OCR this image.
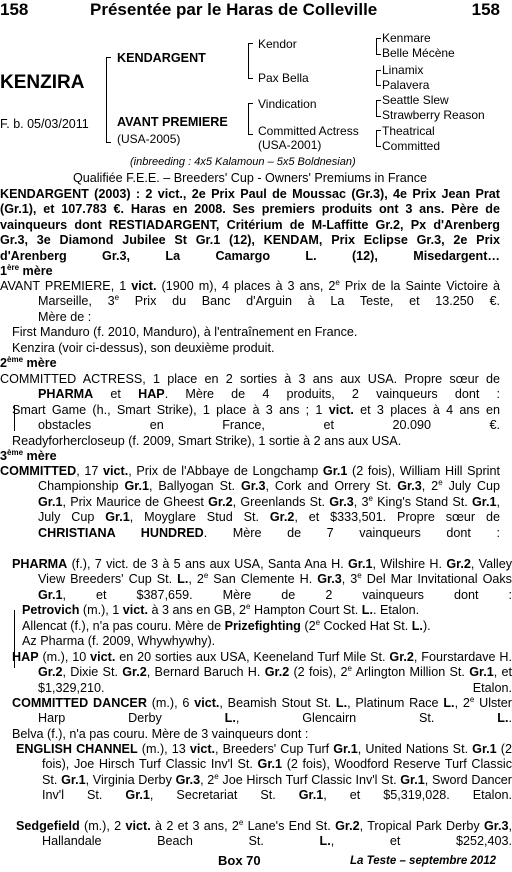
158	Présentée par le Haras de Colleville	158
KENZIRA
F. b. 05/03/2011
KENDARGENT
AVANT PREMIERE
(USA-2005)
Kendor
Pax Bella
Vindication
Committed Actress
(USA-2001)
Kenmare
Belle Mécène
Linamix
Palavera
Seattle Slew
Strawberry Reason
Theatrical
Committed
(inbreeding : 4x5 Kalamoun – 5x5 Boldnesian)
Qualifiée F.E.E. – Breeders' Cup - Owners' Premiums in France
KENDARGENT (2003) : 2 vict., 2e Prix Paul de Moussac (Gr.3), 4e Prix Jean Prat (Gr.1), et 107.783 €. Haras en 2008. Ses premiers produits ont 3 ans. Père de vainqueurs dont RESTIADARGENT, Critérium de M-Laffitte Gr.2, Px d'Arenberg Gr.3, 3e Diamond Jubilee St Gr.1 (12), KENDAM, Prix Eclipse Gr.3, 2e Prix d'Arenberg Gr.3, La Camargo L. (12), Misedargent…
1ère mère
AVANT PREMIERE, 1 vict. (1900 m), 4 places à 3 ans, 2e Prix de la Sainte Victoire à Marseille, 3e Prix du Banc d'Arguin à La Teste, et 13.250 €.
Mère de :
First Manduro (f. 2010, Manduro), à l'entraînement en France.
Kenzira (voir ci-dessus), son deuxième produit.
2ème mère
COMMITTED ACTRESS, 1 place en 2 sorties à 3 ans aux USA. Propre sœur de PHARMA et HAP. Mère de 4 produits, 2 vainqueurs dont :
Smart Game (h., Smart Strike), 1 place à 3 ans ; 1 vict. et 3 places à 4 ans en obstacles en France, et 20.090 €.
Readyforhercloseup (f. 2009, Smart Strike), 1 sortie à 2 ans aux USA.
3ème mère
COMMITTED, 17 vict., Prix de l'Abbaye de Longchamp Gr.1 (2 fois), William Hill Sprint Championship Gr.1, Ballyogan St. Gr.3, Cork and Orrery St. Gr.3, 2e July Cup Gr.1, Prix Maurice de Gheest Gr.2, Greenlands St. Gr.3, 3e King's Stand St. Gr.1, July Cup Gr.1, Moyglare Stud St. Gr.2, et $333,501. Propre sœur de CHRISTIANA HUNDRED. Mère de 7 vainqueurs dont :
PHARMA (f.), 7 vict. de 3 à 5 ans aux USA, Santa Ana H. Gr.1, Wilshire H. Gr.2, Valley View Breeders' Cup St. L., 2e San Clemente H. Gr.3, 3e Del Mar Invitational Oaks Gr.1, et $387,659. Mère de 2 vainqueurs dont :
Petrovich (m.), 1 vict. à 3 ans en GB, 2e Hampton Court St. L.. Etalon.
Allencat (f.), n'a pas couru. Mère de Prizefighting (2e Cocked Hat St. L.).
Az Pharma (f. 2009, Whywhywhy).
HAP (m.), 10 vict. en 20 sorties aux USA, Keeneland Turf Mile St. Gr.2, Fourstardave H. Gr.2, Dixie St. Gr.2, Bernard Baruch H. Gr.2 (2 fois), 2e Arlington Million St. Gr.1, et $1,329,210. Etalon.
COMMITTED DANCER (m.), 6 vict., Beamish Stout St. L., Platinum Race L., 2e Ulster Harp Derby L., Glencairn St. L..
Belva (f.), n'a pas couru. Mère de 3 vainqueurs dont :
ENGLISH CHANNEL (m.), 13 vict., Breeders' Cup Turf Gr.1, United Nations St. Gr.1 (2 fois), Joe Hirsch Turf Classic Inv'l St. Gr.1 (2 fois), Woodford Reserve Turf Classic St. Gr.1, Virginia Derby Gr.3, 2e Joe Hirsch Turf Classic Inv'l St. Gr.1, Sword Dancer Inv'l St. Gr.1, Secretariat St. Gr.1, et $5,319,028. Etalon.
Sedgefield (m.), 2 vict. à 2 et 3 ans, 2e Lane's End St. Gr.2, Tropical Park Derby Gr.3, Hallandale Beach St. L., et $252,403.
Box 70	La Teste – septembre 2012
